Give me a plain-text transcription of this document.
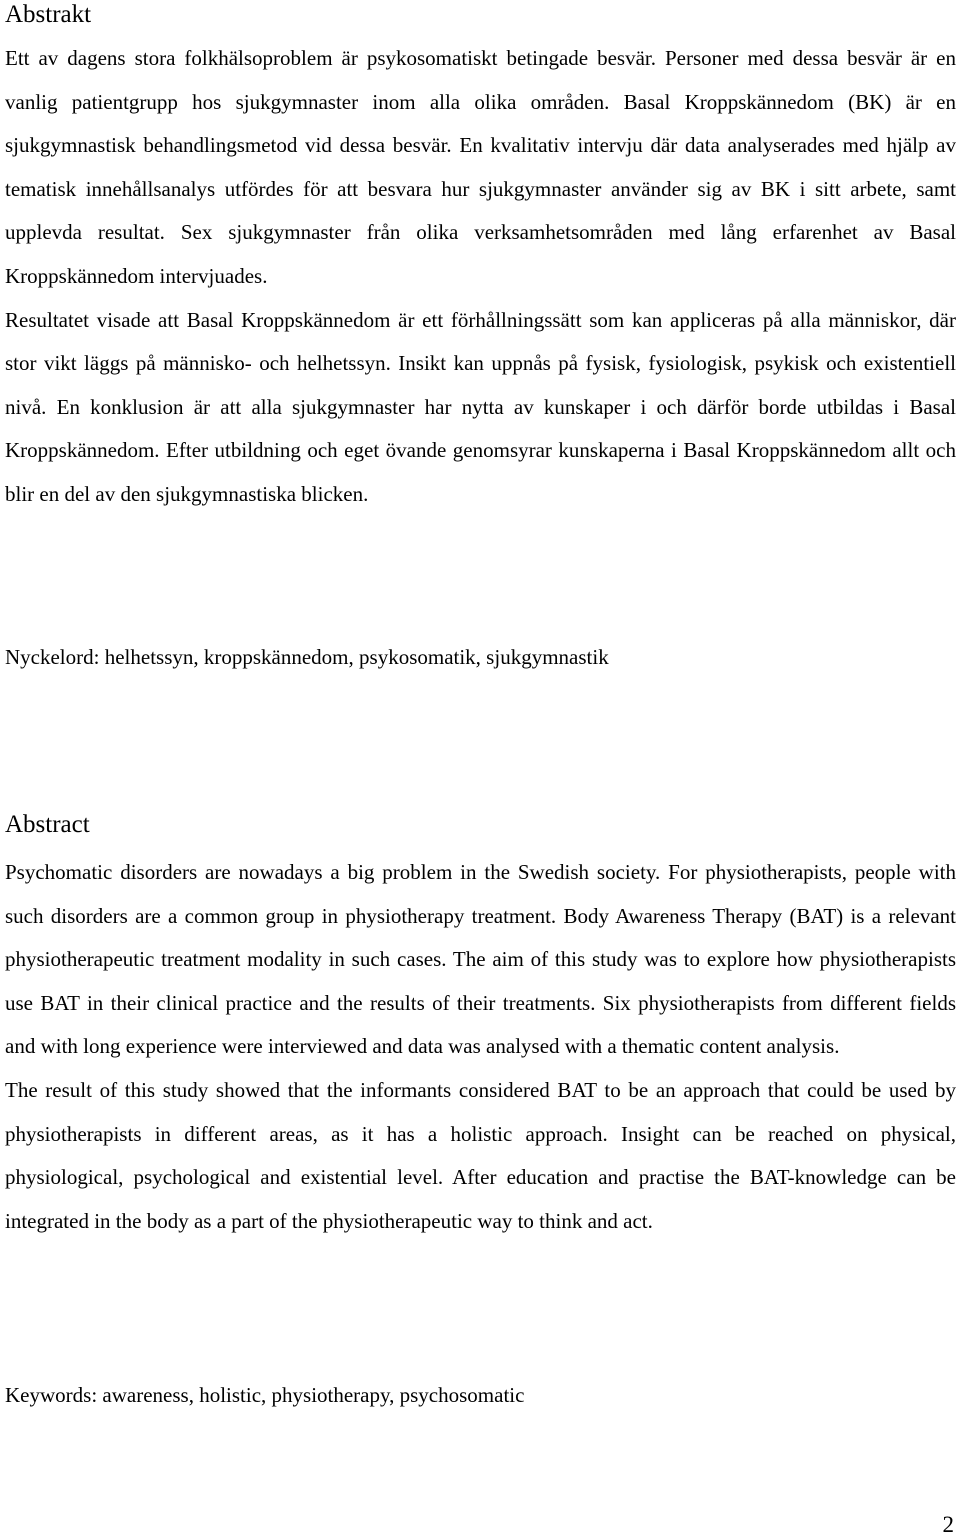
Abstrakt

Ett av dagens stora folkhälsoproblem är psykosomatiskt betingade besvär. Personer med dessa besvär är en vanlig patientgrupp hos sjukgymnaster inom alla olika områden. Basal Kroppskännedom (BK) är en sjukgymnastisk behandlingsmetod vid dessa besvär. En kvalitativ intervju där data analyserades med hjälp av tematisk innehållsanalys utfördes för att besvara hur sjukgymnaster använder sig av BK i sitt arbete, samt upplevda resultat. Sex sjukgymnaster från olika verksamhetsområden med lång erfarenhet av Basal Kroppskännedom intervjuades.

Resultatet visade att Basal Kroppskännedom är ett förhållningssätt som kan appliceras på alla människor, där stor vikt läggs på människo- och helhetssyn. Insikt kan uppnås på fysisk, fysiologisk, psykisk och existentiell nivå. En konklusion är att alla sjukgymnaster har nytta av kunskaper i och därför borde utbildas i Basal Kroppskännedom. Efter utbildning och eget övande genomsyrar kunskaperna i Basal Kroppskännedom allt och blir en del av den sjukgymnastiska blicken.

Nyckelord: helhetssyn, kroppskännedom, psykosomatik, sjukgymnastik

Abstract

Psychomatic disorders are nowadays a big problem in the Swedish society. For physiotherapists, people with such disorders are a common group in physiotherapy treatment. Body Awareness Therapy (BAT) is a relevant physiotherapeutic treatment modality in such cases. The aim of this study was to explore how physiotherapists use BAT in their clinical practice and the results of their treatments. Six physiotherapists from different fields and with long experience were interviewed and data was analysed with a thematic content analysis.

The result of this study showed that the informants considered BAT to be an approach that could be used by physiotherapists in different areas, as it has a holistic approach. Insight can be reached on physical, physiological, psychological and existential level. After education and practise the BAT-knowledge can be integrated in the body as a part of the physiotherapeutic way to think and act.

Keywords: awareness, holistic, physiotherapy, psychosomatic

2
